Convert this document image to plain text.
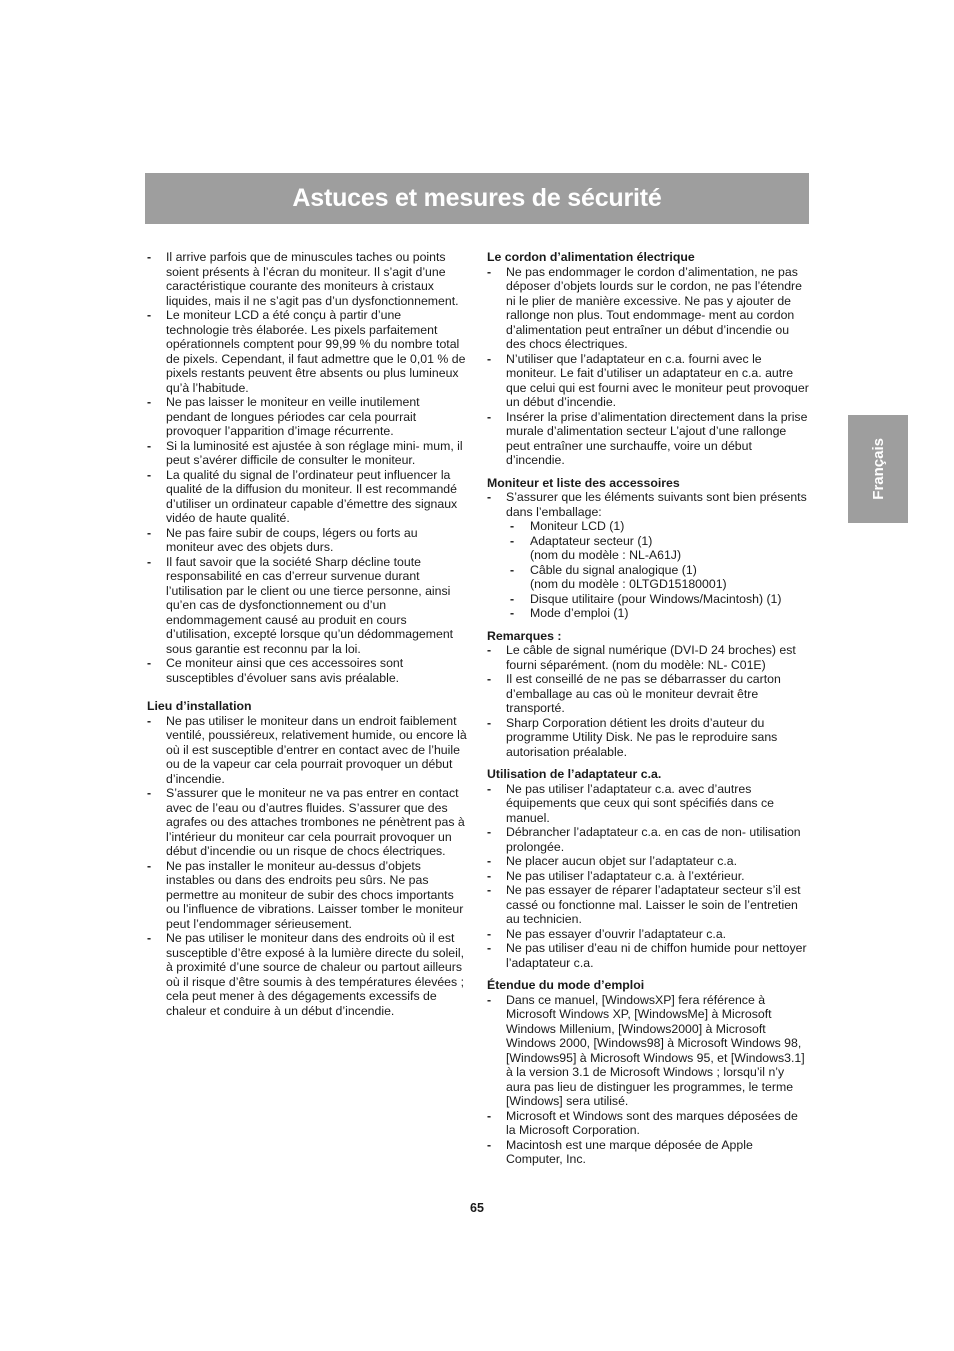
Astuces et mesures de sécurité
Français
- Il arrive parfois que de minuscules taches ou points soient présents à l’écran du moniteur. Il s’agit d’une caractéristique courante des moniteurs à cristaux liquides, mais il ne s’agit pas d’un dysfonctionnement.
- Le moniteur LCD a été conçu à partir d’une technologie très élaborée. Les pixels parfaitement opérationnels comptent pour 99,99 % du nombre total de pixels. Cependant, il faut admettre que le 0,01 % de pixels restants peuvent être absents ou plus lumineux qu’à l’habitude.
- Ne pas laisser le moniteur en veille inutilement pendant de longues périodes car cela pourrait provoquer l’apparition d’image récurrente.
- Si la luminosité est ajustée à son réglage mini- mum, il peut s’avérer difficile de consulter le moniteur.
- La qualité du signal de l’ordinateur peut influencer la qualité de la diffusion du moniteur. Il est recommandé d’utiliser un ordinateur capable d’émettre des signaux vidéo de haute qualité.
- Ne pas faire subir de coups, légers ou forts au moniteur avec des objets durs.
- Il faut savoir que la société Sharp décline toute responsabilité en cas d’erreur survenue durant l’utilisation par le client ou une tierce personne, ainsi qu’en cas de dysfonctionnement ou d’un endommagement causé au produit en cours d’utilisation, excepté lorsque qu’un dédommagement sous garantie est reconnu par la loi.
- Ce moniteur ainsi que ces accessoires sont susceptibles d’évoluer sans avis préalable.
Lieu d’installation
- Ne pas utiliser le moniteur dans un endroit faiblement ventilé, poussiéreux, relativement humide, ou encore là où il est susceptible d’entrer en contact avec de l’huile ou de la vapeur car cela pourrait provoquer un début d’incendie.
- S’assurer que le moniteur ne va pas entrer en contact avec de l’eau ou d’autres fluides. S’assurer que des agrafes ou des attaches trombones ne pénètrent pas à l’intérieur du moniteur car cela pourrait provoquer un début d’incendie ou un risque de chocs électriques.
- Ne pas installer le moniteur au-dessus d’objets instables ou dans des endroits peu sûrs. Ne pas permettre au moniteur de subir des chocs importants ou l’influence de vibrations. Laisser tomber le moniteur peut l’endommager sérieusement.
- Ne pas utiliser le moniteur dans des endroits où il est susceptible d’être exposé à la lumière directe du soleil, à proximité d’une source de chaleur ou partout ailleurs où il risque d’être soumis à des températures élevées ; cela peut mener à des dégagements excessifs de chaleur et conduire à un début d’incendie.
Le cordon d’alimentation électrique
- Ne pas endommager le cordon d’alimentation, ne pas déposer d’objets lourds sur le cordon, ne pas l’étendre ni le plier de manière excessive. Ne pas y ajouter de rallonge non plus. Tout endommage- ment au cordon d’alimentation peut entraîner un début d’incendie ou des chocs électriques.
- N’utiliser que l’adaptateur en c.a. fourni avec le moniteur. Le fait d’utiliser un adaptateur en c.a. autre que celui qui est fourni avec le moniteur peut provoquer un début d’incendie.
- Insérer la prise d’alimentation directement dans la prise murale d’alimentation secteur L’ajout d’une rallonge peut entraîner une surchauffe, voire un début d’incendie.
Moniteur et liste des accessoires
- S’assurer que les éléments suivants sont bien présents dans l’emballage:
- Moniteur LCD (1)
- Adaptateur secteur (1)
(nom du modèle : NL-A61J)
- Câble du signal analogique (1)
(nom du modèle : 0LTGD15180001)
- Disque utilitaire (pour Windows/Macintosh) (1)
- Mode d’emploi (1)
Remarques :
- Le câble de signal numérique (DVI-D 24 broches) est fourni séparément. (nom du modèle: NL- C01E)
- Il est conseillé de ne pas se débarrasser du carton d’emballage au cas où le moniteur devrait être transporté.
- Sharp Corporation détient les droits d’auteur du programme Utility Disk. Ne pas le reproduire sans autorisation préalable.
Utilisation de l’adaptateur c.a.
- Ne pas utiliser l’adaptateur c.a. avec d’autres équipements que ceux qui sont spécifiés dans ce manuel.
- Débrancher l’adaptateur c.a. en cas de non- utilisation prolongée.
- Ne placer aucun objet sur l’adaptateur c.a.
- Ne pas utiliser l’adaptateur c.a. à l’extérieur.
- Ne pas essayer de réparer l’adaptateur secteur s’il est cassé ou fonctionne mal. Laisser le soin de l’entretien au technicien.
- Ne pas essayer d’ouvrir l’adaptateur c.a.
- Ne pas utiliser d’eau ni de chiffon humide pour nettoyer l’adaptateur c.a.
Étendue du mode d’emploi
- Dans ce manuel, [WindowsXP] fera référence à Microsoft Windows XP, [WindowsMe] à Microsoft Windows Millenium, [Windows2000] à Microsoft Windows 2000, [Windows98] à Microsoft Windows 98, [Windows95] à Microsoft Windows 95, et [Windows3.1] à la version 3.1 de Microsoft Windows ; lorsqu’il n’y aura pas lieu de distinguer les programmes, le terme [Windows] sera utilisé.
- Microsoft et Windows sont des marques déposées de la Microsoft Corporation.
- Macintosh est une marque déposée de Apple Computer, Inc.
65
